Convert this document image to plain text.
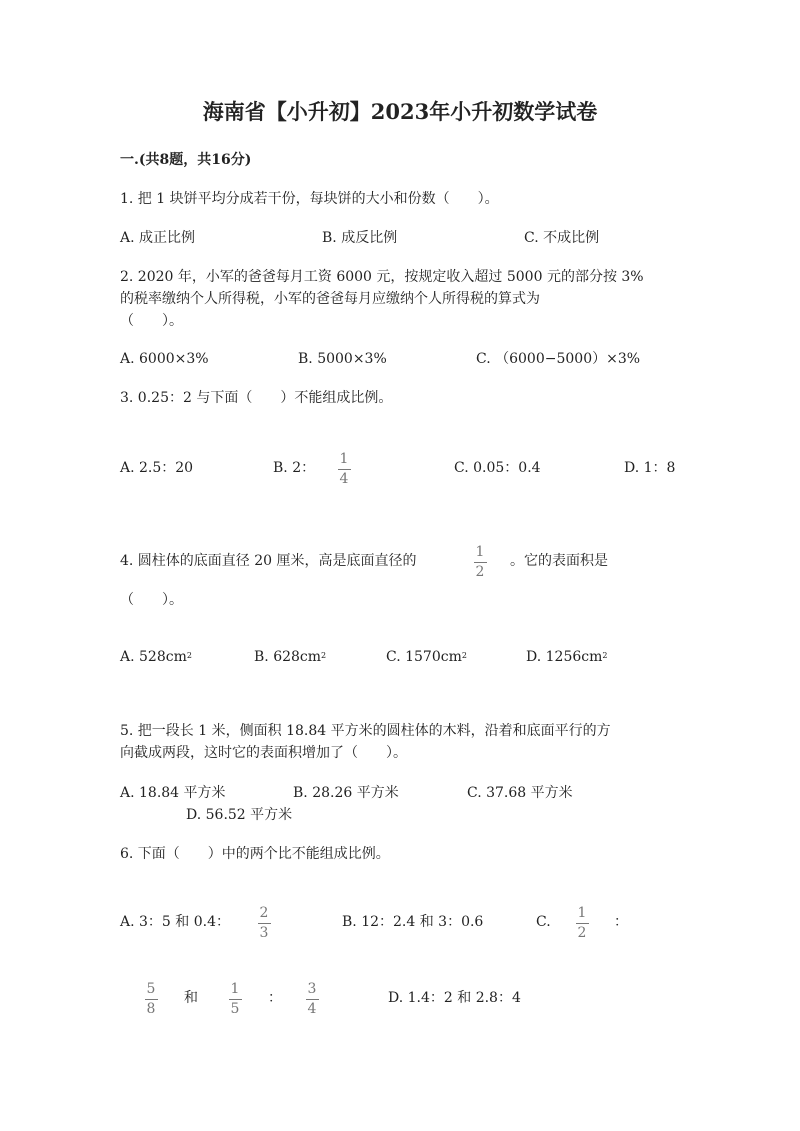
海南省【小升初】2023年小升初数学试卷
一.(共8题，共16分)
1. 把 1 块饼平均分成若干份，每块饼的大小和份数（　　）。
A. 成正比例	B. 成反比例	C. 不成比例
2. 2020 年，小军的爸爸每月工资 6000 元，按规定收入超过 5000 元的部分按 3%
的税率缴纳个人所得税，小军的爸爸每月应缴纳个人所得税的算式为
（　　）。
A. 6000×3%	B. 5000×3%	C. （6000−5000）×3%
3. 0.25：2 与下面（　　）不能组成比例。
A. 2.5：20	B. 2：
1
4
C. 0.05：0.4	D. 1：8
4. 圆柱体的底面直径 20 厘米，高是底面直径的
1
2
。它的表面积是
（　　）。
A. $528cm^2$	B. $628cm^2$	C. $1570cm^2$	D. $1256cm^2$
5. 把一段长 1 米，侧面积 18.84 平方米的圆柱体的木料，沿着和底面平行的方
向截成两段，这时它的表面积增加了（　　）。
A. 18.84 平方米	B. 28.26 平方米	C. 37.68 平方米
D. 56.52 平方米
6. 下面（　　）中的两个比不能组成比例。
A. 3：5 和 0.4：
2
3
B. 12：2.4 和 3：0.6	C.
1
2
：
5
8
和
1
5
：
3
4
D. 1.4：2 和 2.8：4
